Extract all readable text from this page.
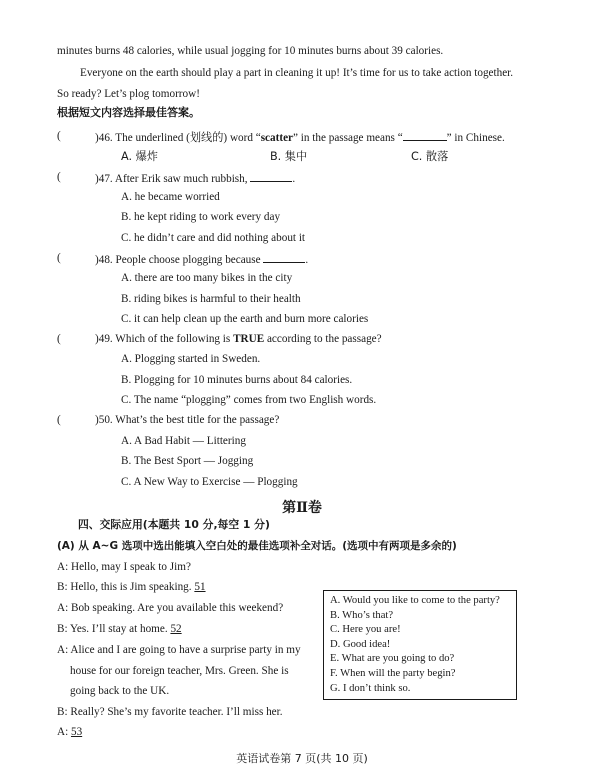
minutes burns 48 calories, while usual jogging for 10 minutes burns about 39 calories.
Everyone on the earth should play a part in cleaning it up! It’s time for us to take action together.
So ready? Let’s plog tomorrow!
根据短文内容选择最佳答案。
(	)46. The underlined (划线的) word “scatter” in the passage means “	” in Chinese.
A. 爆炸	B. 集中	C. 散落
(	)47. After Erik saw much rubbish,	.
A. he became worried
B. he kept riding to work every day
C. he didn’t care and did nothing about it
(	)48. People choose plogging because	.
A. there are too many bikes in the city
B. riding bikes is harmful to their health
C. it can help clean up the earth and burn more calories
(	)49. Which of the following is TRUE according to the passage?
A. Plogging started in Sweden.
B. Plogging for 10 minutes burns about 84 calories.
C. The name “plogging” comes from two English words.
(	)50. What’s the best title for the passage?
A. A Bad Habit — Littering
B. The Best Sport — Jogging
C. A New Way to Exercise — Plogging
第Ⅱ卷
四、交际应用(本题共 10 分,每空 1 分)
(A) 从 A~G 选项中选出能填入空白处的最佳选项补全对话。(选项中有两项是多余的)
A: Hello, may I speak to Jim?
B: Hello, this is Jim speaking. 51
A: Bob speaking. Are you available this weekend?
B: Yes. I’ll stay at home. 52
A: Alice and I are going to have a surprise party in my
house for our foreign teacher, Mrs. Green. She is
going back to the UK.
B: Really? She’s my favorite teacher. I’ll miss her.
A: 53
A. Would you like to come to the party?
B. Who’s that?
C. Here you are!
D. Good idea!
E. What are you going to do?
F. When will the party begin?
G. I don’t think so.
英语试卷第 7 页(共 10 页)
